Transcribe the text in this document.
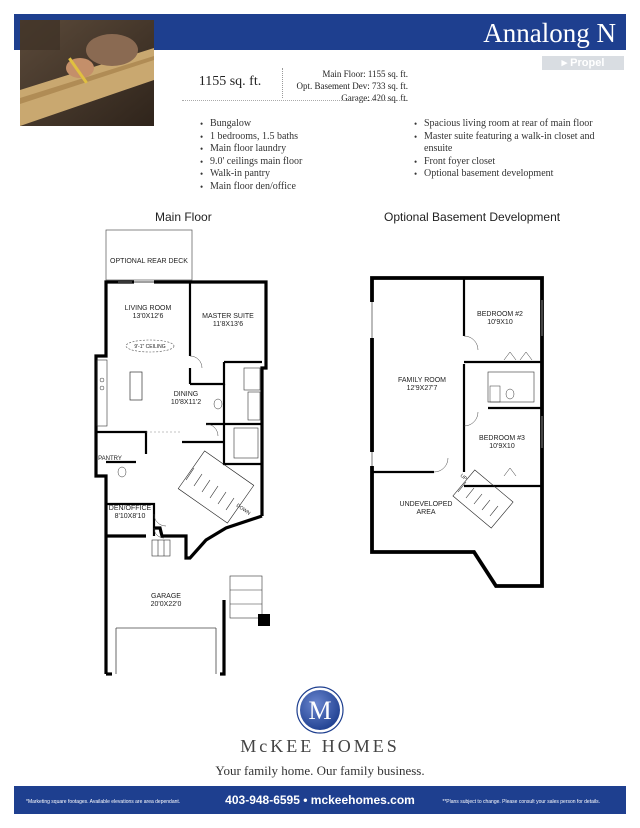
Annalong N
▸ Propel
1155 sq. ft.	Main Floor: 1155 sq. ft.
Opt. Basement Dev: 733 sq. ft.
Garage: 420 sq. ft.
• Bungalow
• 1 bedrooms, 1.5 baths
• Main floor laundry
• 9.0' ceilings main floor
• Walk-in pantry
• Main floor den/office
• Spacious living room at rear of main floor
• Master suite featuring a walk-in closet and ensuite
• Front foyer closet
• Optional basement development
Main Floor	Optional Basement Development
OPTIONAL REAR DECK
LIVING ROOM
13'0X12'6
9'-1" CEILING
MASTER SUITE
11'8X13'6
DINING
10'8X11'2
PANTRY
DEN/OFFICE
8'10X8'10
GARAGE
20'0X22'0
DOWN
BEDROOM #2
10'9X10
FAMILY ROOM
12'9X27'7
BEDROOM #3
10'9X10
UNDEVELOPED
AREA
UP
M
McKEE HOMES
Your family home. Our family business.
403-948-6595 • mckeehomes.com
*Marketing square footages. Available elevations are area dependant.	**Plans subject to change. Please consult your sales person for details.
